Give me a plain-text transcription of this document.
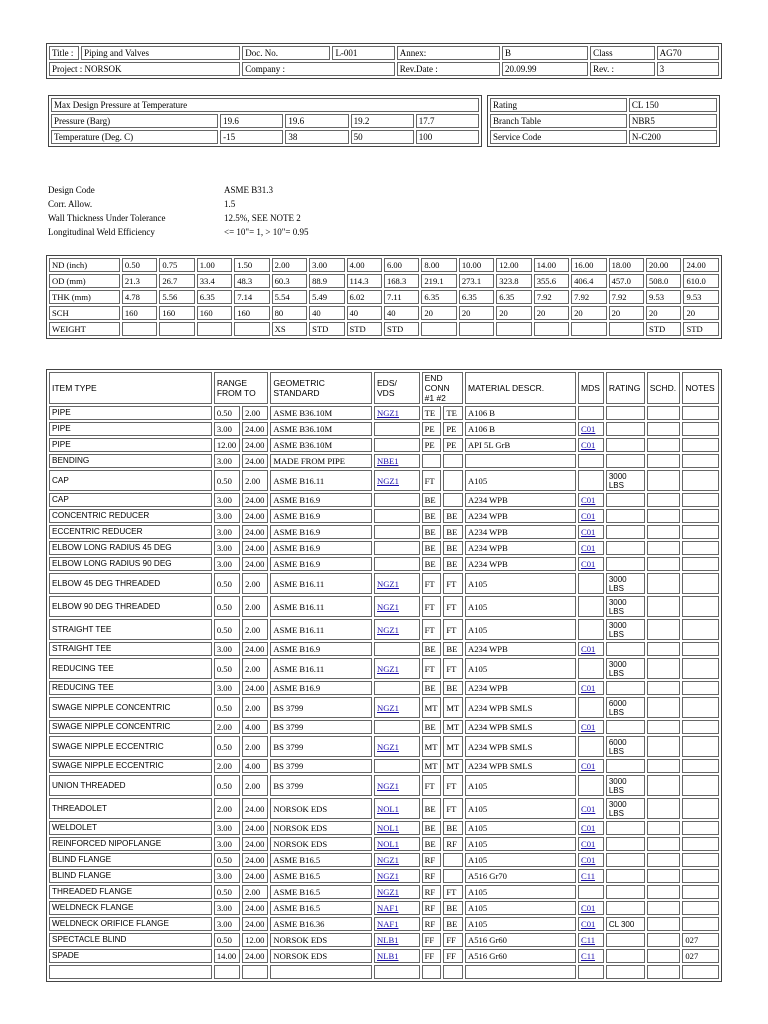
Title :	Piping and Valves	Doc. No.	L-001	Annex:	B	Class	AG70
Project : NORSOK		Company :		Rev.Date :	20.09.99	Rev. :	3
Max Design Pressure at Temperature				
Pressure (Barg)	19.6	19.6	19.2	17.7
Temperature (Deg. C)	-15	38	50	100
Rating	CL 150
Branch Table	NBR5
Service Code	N-C200
Design Code	ASME B31.3
Corr. Allow.	1.5
Wall Thickness Under Tolerance	12.5%, SEE NOTE 2
Longitudinal Weld Efficiency	<= 10"= 1, > 10"= 0.95
ND (inch)	0.50	0.75	1.00	1.50	2.00	3.00	4.00	6.00	8.00	10.00	12.00	14.00	16.00	18.00	20.00	24.00
OD (mm)	21.3	26.7	33.4	48.3	60.3	88.9	114.3	168.3	219.1	273.1	323.8	355.6	406.4	457.0	508.0	610.0
THK (mm)	4.78	5.56	6.35	7.14	5.54	5.49	6.02	7.11	6.35	6.35	6.35	7.92	7.92	7.92	9.53	9.53
SCH	160	160	160	160	80	40	40	40	20	20	20	20	20	20	20	20
WEIGHT					XS	STD	STD	STD							STD	STD
ITEM TYPE	RANGE FROM TO		GEOMETRIC STANDARD	EDS/ VDS	END CONN #1 #2		MATERIAL DESCR.	MDS	RATING	SCHD.	NOTES
PIPE	0.50	2.00	ASME B36.10M	NGZ1	TE	TE	A106 B				
PIPE	3.00	24.00	ASME B36.10M		PE	PE	A106 B	C01			
PIPE	12.00	24.00	ASME B36.10M		PE	PE	API 5L GrB	C01			
BENDING	3.00	24.00	MADE FROM PIPE	NBE1							
CAP	0.50	2.00	ASME B16.11	NGZ1	FT		A105		3000 LBS		
CAP	3.00	24.00	ASME B16.9		BE		A234 WPB	C01			
CONCENTRIC REDUCER	3.00	24.00	ASME B16.9		BE	BE	A234 WPB	C01			
ECCENTRIC REDUCER	3.00	24.00	ASME B16.9		BE	BE	A234 WPB	C01			
ELBOW LONG RADIUS 45 DEG	3.00	24.00	ASME B16.9		BE	BE	A234 WPB	C01			
ELBOW LONG RADIUS 90 DEG	3.00	24.00	ASME B16.9		BE	BE	A234 WPB	C01			
ELBOW 45 DEG THREADED	0.50	2.00	ASME B16.11	NGZ1	FT	FT	A105		3000 LBS		
ELBOW 90 DEG THREADED	0.50	2.00	ASME B16.11	NGZ1	FT	FT	A105		3000 LBS		
STRAIGHT TEE	0.50	2.00	ASME B16.11	NGZ1	FT	FT	A105		3000 LBS		
STRAIGHT TEE	3.00	24.00	ASME B16.9		BE	BE	A234 WPB	C01			
REDUCING TEE	0.50	2.00	ASME B16.11	NGZ1	FT	FT	A105		3000 LBS		
REDUCING TEE	3.00	24.00	ASME B16.9		BE	BE	A234 WPB	C01			
SWAGE NIPPLE CONCENTRIC	0.50	2.00	BS 3799	NGZ1	MT	MT	A234 WPB SMLS		6000 LBS		
SWAGE NIPPLE CONCENTRIC	2.00	4.00	BS 3799		BE	MT	A234 WPB SMLS	C01			
SWAGE NIPPLE ECCENTRIC	0.50	2.00	BS 3799	NGZ1	MT	MT	A234 WPB SMLS		6000 LBS		
SWAGE NIPPLE ECCENTRIC	2.00	4.00	BS 3799		MT	MT	A234 WPB SMLS	C01			
UNION THREADED	0.50	2.00	BS 3799	NGZ1	FT	FT	A105		3000 LBS		
THREADOLET	2.00	24.00	NORSOK EDS	NOL1	BE	FT	A105	C01	3000 LBS		
WELDOLET	3.00	24.00	NORSOK EDS	NOL1	BE	BE	A105	C01			
REINFORCED NIPOFLANGE	3.00	24.00	NORSOK EDS	NOL1	BE	RF	A105	C01			
BLIND FLANGE	0.50	24.00	ASME B16.5	NGZ1	RF		A105	C01			
BLIND FLANGE	3.00	24.00	ASME B16.5	NGZ1	RF		A516 Gr70	C11			
THREADED FLANGE	0.50	2.00	ASME B16.5	NGZ1	RF	FT	A105				
WELDNECK FLANGE	3.00	24.00	ASME B16.5	NAF1	RF	BE	A105	C01			
WELDNECK ORIFICE FLANGE	3.00	24.00	ASME B16.36	NAF1	RF	BE	A105	C01	CL 300		
SPECTACLE BLIND	0.50	12.00	NORSOK EDS	NLB1	FF	FF	A516 Gr60	C11			027
SPADE	14.00	24.00	NORSOK EDS	NLB1	FF	FF	A516 Gr60	C11			027
